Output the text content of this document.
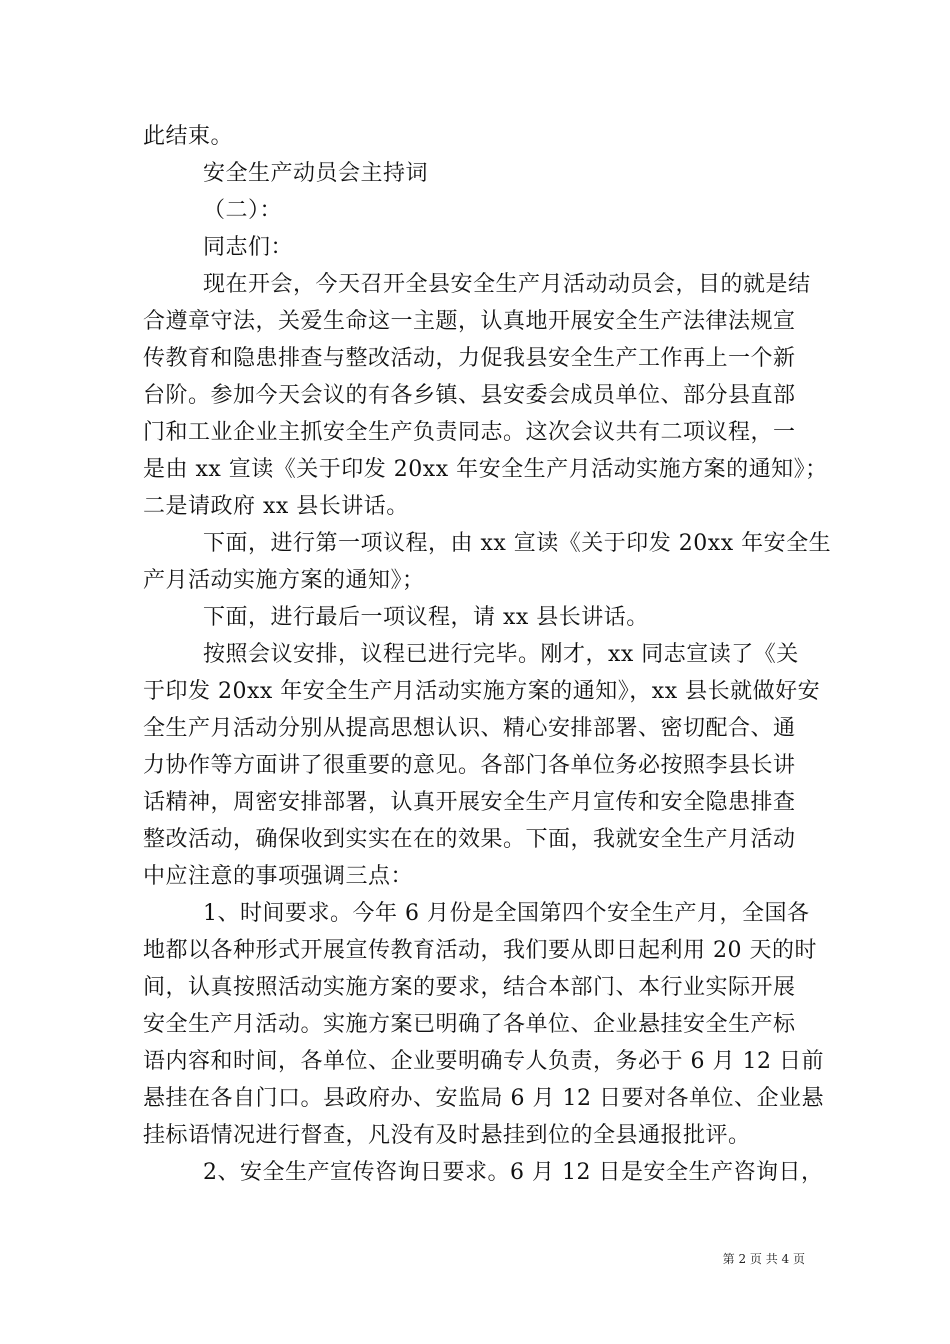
此结束。
安全生产动员会主持词
（二）：
同志们：
现在开会，今天召开全县安全生产月活动动员会，目的就是结
合遵章守法，关爱生命这一主题，认真地开展安全生产法律法规宣
传教育和隐患排查与整改活动，力促我县安全生产工作再上一个新
台阶。参加今天会议的有各乡镇、县安委会成员单位、部分县直部
门和工业企业主抓安全生产负责同志。这次会议共有二项议程，一
是由 xx 宣读《关于印发 20xx 年安全生产月活动实施方案的通知》；
二是请政府 xx 县长讲话。
下面，进行第一项议程，由 xx 宣读《关于印发 20xx 年安全生
产月活动实施方案的通知》；
下面，进行最后一项议程，请 xx 县长讲话。
按照会议安排，议程已进行完毕。刚才，xx 同志宣读了《关
于印发 20xx 年安全生产月活动实施方案的通知》，xx 县长就做好安
全生产月活动分别从提高思想认识、精心安排部署、密切配合、通
力协作等方面讲了很重要的意见。各部门各单位务必按照李县长讲
话精神，周密安排部署，认真开展安全生产月宣传和安全隐患排查
整改活动，确保收到实实在在的效果。下面，我就安全生产月活动
中应注意的事项强调三点：
1、时间要求。今年 6 月份是全国第四个安全生产月，全国各
地都以各种形式开展宣传教育活动，我们要从即日起利用 20 天的时
间，认真按照活动实施方案的要求，结合本部门、本行业实际开展
安全生产月活动。实施方案已明确了各单位、企业悬挂安全生产标
语内容和时间，各单位、企业要明确专人负责，务必于 6 月 12 日前
悬挂在各自门口。县政府办、安监局 6 月 12 日要对各单位、企业悬
挂标语情况进行督查，凡没有及时悬挂到位的全县通报批评。
2、安全生产宣传咨询日要求。6 月 12 日是安全生产咨询日，
第 2 页 共 4 页
